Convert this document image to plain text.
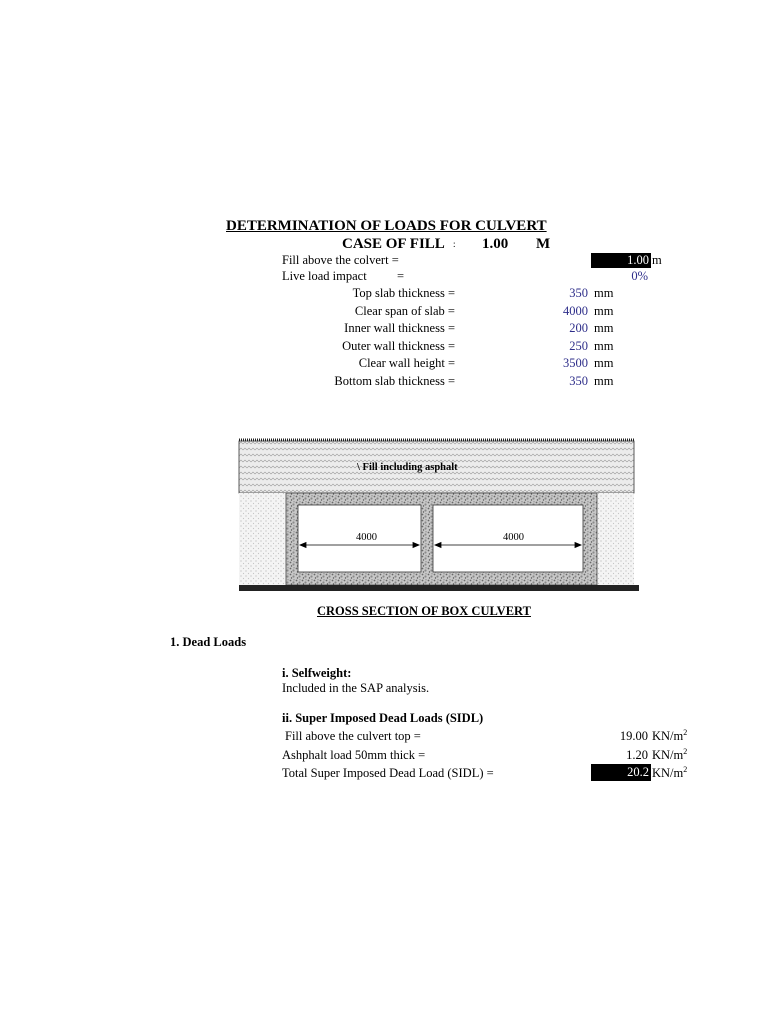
DETERMINATION OF LOADS FOR CULVERT
CASE OF FILL : 1.00 M
Fill above the colvert =	1.00 m
Live load impact =	0%
Top slab thickness =	350 mm
Clear span of slab =	4000 mm
Inner wall thickness =	200 mm
Outer wall thickness =	250 mm
Clear wall height =	3500 mm
Bottom slab thickness =	350 mm
\ Fill including asphalt
4000	4000
CROSS SECTION OF BOX CULVERT
1. Dead Loads
i. Selfweight:
Included in the SAP analysis.
ii. Super Imposed Dead Loads (SIDL)
Fill above the culvert top =	19.00 $KN/m^2$
Ashphalt load 50mm thick =	1.20 $KN/m^2$
Total Super Imposed Dead Load (SIDL) =	20.2 $KN/m^2$
